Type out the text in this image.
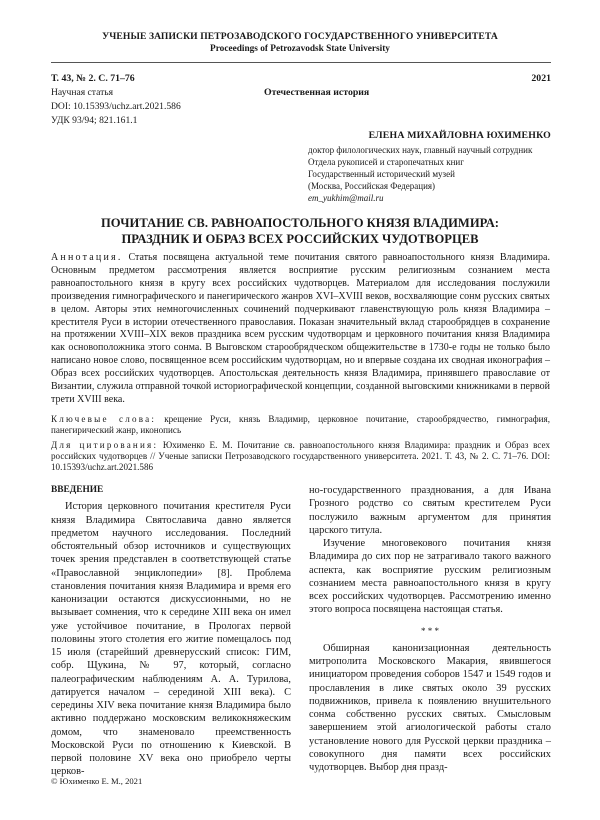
УЧЕНЫЕ ЗАПИСКИ ПЕТРОЗАВОДСКОГО ГОСУДАРСТВЕННОГО УНИВЕРСИТЕТА
Proceedings of Petrozavodsk State University
Т. 43, № 2. С. 71–76	2021
Научная статья
DOI: 10.15393/uchz.art.2021.586
УДК 93/94; 821.161.1
Отечественная история
ЕЛЕНА МИХАЙЛОВНА ЮХИМЕНКО
доктор филологических наук, главный научный сотрудник
Отдела рукописей и старопечатных книг
Государственный исторический музей
(Москва, Российская Федерация)
em_yukhim@mail.ru
ПОЧИТАНИЕ СВ. РАВНОАПОСТОЛЬНОГО КНЯЗЯ ВЛАДИМИРА:
ПРАЗДНИК И ОБРАЗ ВСЕХ РОССИЙСКИХ ЧУДОТВОРЦЕВ
Аннотация. Статья посвящена актуальной теме почитания святого равноапостольного князя Владимира. Основным предметом рассмотрения является восприятие русским религиозным сознанием места равноапостольного князя в кругу всех российских чудотворцев. Материалом для исследования послужили произведения гимнографического и панегирического жанров XVI–XVIII веков, восхваляющие сонм русских святых в целом. Авторы этих немногочисленных сочинений подчеркивают главенствующую роль князя Владимира – крестителя Руси в истории отечественного православия. Показан значительный вклад старообрядцев в сохранение на протяжении XVIII–XIX веков праздника всем русским чудотворцам и церковного почитания князя Владимира как основоположника этого сонма. В Выговском старообрядческом общежительстве в 1730-е годы не только было написано новое слово, посвященное всем российским чудотворцам, но и впервые создана их сводная иконография – Образ всех российских чудотворцев. Апостольская деятельность князя Владимира, принявшего православие от Византии, служила отправной точкой историографической концепции, созданной выговскими книжниками в первой трети XVIII века.
Ключевые слова: крещение Руси, князь Владимир, церковное почитание, старообрядчество, гимнография, панегирический жанр, иконопись
Для цитирования: Юхименко Е. М. Почитание св. равноапостольного князя Владимира: праздник и Образ всех российских чудотворцев // Ученые записки Петрозаводского государственного университета. 2021. Т. 43, № 2. С. 71–76. DOI: 10.15393/uchz.art.2021.586
ВВЕДЕНИЕ

История церковного почитания крестителя Руси князя Владимира Святославича давно является предметом научного исследования. Последний обстоятельный обзор источников и существующих точек зрения представлен в соответствующей статье «Православной энциклопедии» [8]. Проблема становления почитания князя Владимира и время его канонизации остаются дискуссионными, но не вызывает сомнения, что к середине XIII века он имел уже устойчивое почитание, в Прологах первой половины этого столетия его житие помещалось под 15 июля (старейший древнерусский список: ГИМ, собр. Щукина, № 97, который, согласно палеографическим наблюдениям А. А. Турилова, датируется началом – серединой XIII века). С середины XIV века почитание князя Владимира было активно поддержано московским великокняжеским домом, что знаменовало преемственность Московской Руси по отношению к Киевской. В первой половине XV века оно приобрело черты церков-

но-государственного празднования, а для Ивана Грозного родство со святым крестителем Руси послужило важным аргументом для принятия царского титула.

Изучение многовекового почитания князя Владимира до сих пор не затрагивало такого важного аспекта, как восприятие русским религиозным сознанием места равноапостольного князя в кругу всех российских чудотворцев. Рассмотрению именно этого вопроса посвящена настоящая статья.

* * *

Обширная канонизационная деятельность митрополита Московского Макария, явившегося инициатором проведения соборов 1547 и 1549 годов и прославления в лике святых около 39 русских подвижников, привела к появлению внушительного сонма собственно русских святых. Смысловым завершением этой агиологической работы стало установление нового для Русской церкви праздника – совокупного дня памяти всех российских чудотворцев. Выбор дня празд-

© Юхименко Е. М., 2021
